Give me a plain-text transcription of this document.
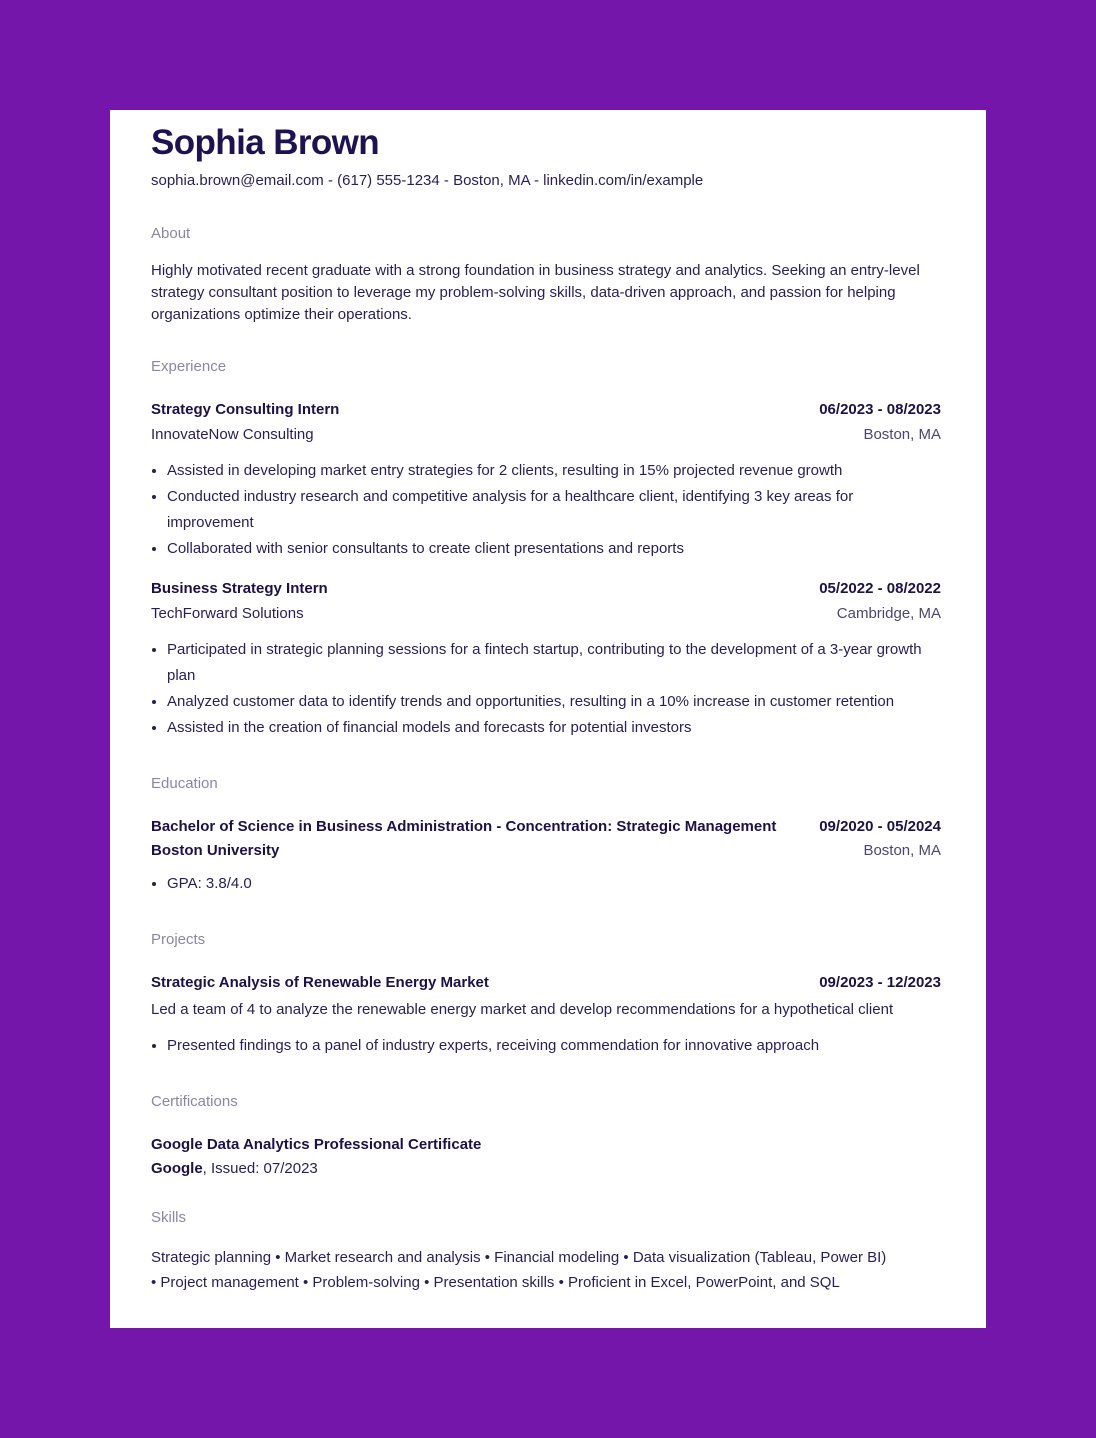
Sophia Brown
sophia.brown@email.com - (617) 555-1234 - Boston, MA - linkedin.com/in/example
About
Highly motivated recent graduate with a strong foundation in business strategy and analytics. Seeking an entry-level strategy consultant position to leverage my problem-solving skills, data-driven approach, and passion for helping organizations optimize their operations.
Experience
Strategy Consulting Intern	06/2023 - 08/2023
InnovateNow Consulting	Boston, MA
• Assisted in developing market entry strategies for 2 clients, resulting in 15% projected revenue growth
• Conducted industry research and competitive analysis for a healthcare client, identifying 3 key areas for improvement
• Collaborated with senior consultants to create client presentations and reports
Business Strategy Intern	05/2022 - 08/2022
TechForward Solutions	Cambridge, MA
• Participated in strategic planning sessions for a fintech startup, contributing to the development of a 3-year growth plan
• Analyzed customer data to identify trends and opportunities, resulting in a 10% increase in customer retention
• Assisted in the creation of financial models and forecasts for potential investors
Education
Bachelor of Science in Business Administration - Concentration: Strategic Management	09/2020 - 05/2024
Boston University	Boston, MA
• GPA: 3.8/4.0
Projects
Strategic Analysis of Renewable Energy Market	09/2023 - 12/2023
Led a team of 4 to analyze the renewable energy market and develop recommendations for a hypothetical client
• Presented findings to a panel of industry experts, receiving commendation for innovative approach
Certifications
Google Data Analytics Professional Certificate
Google, Issued: 07/2023
Skills
Strategic planning • Market research and analysis • Financial modeling • Data visualization (Tableau, Power BI)
• Project management • Problem-solving • Presentation skills • Proficient in Excel, PowerPoint, and SQL
